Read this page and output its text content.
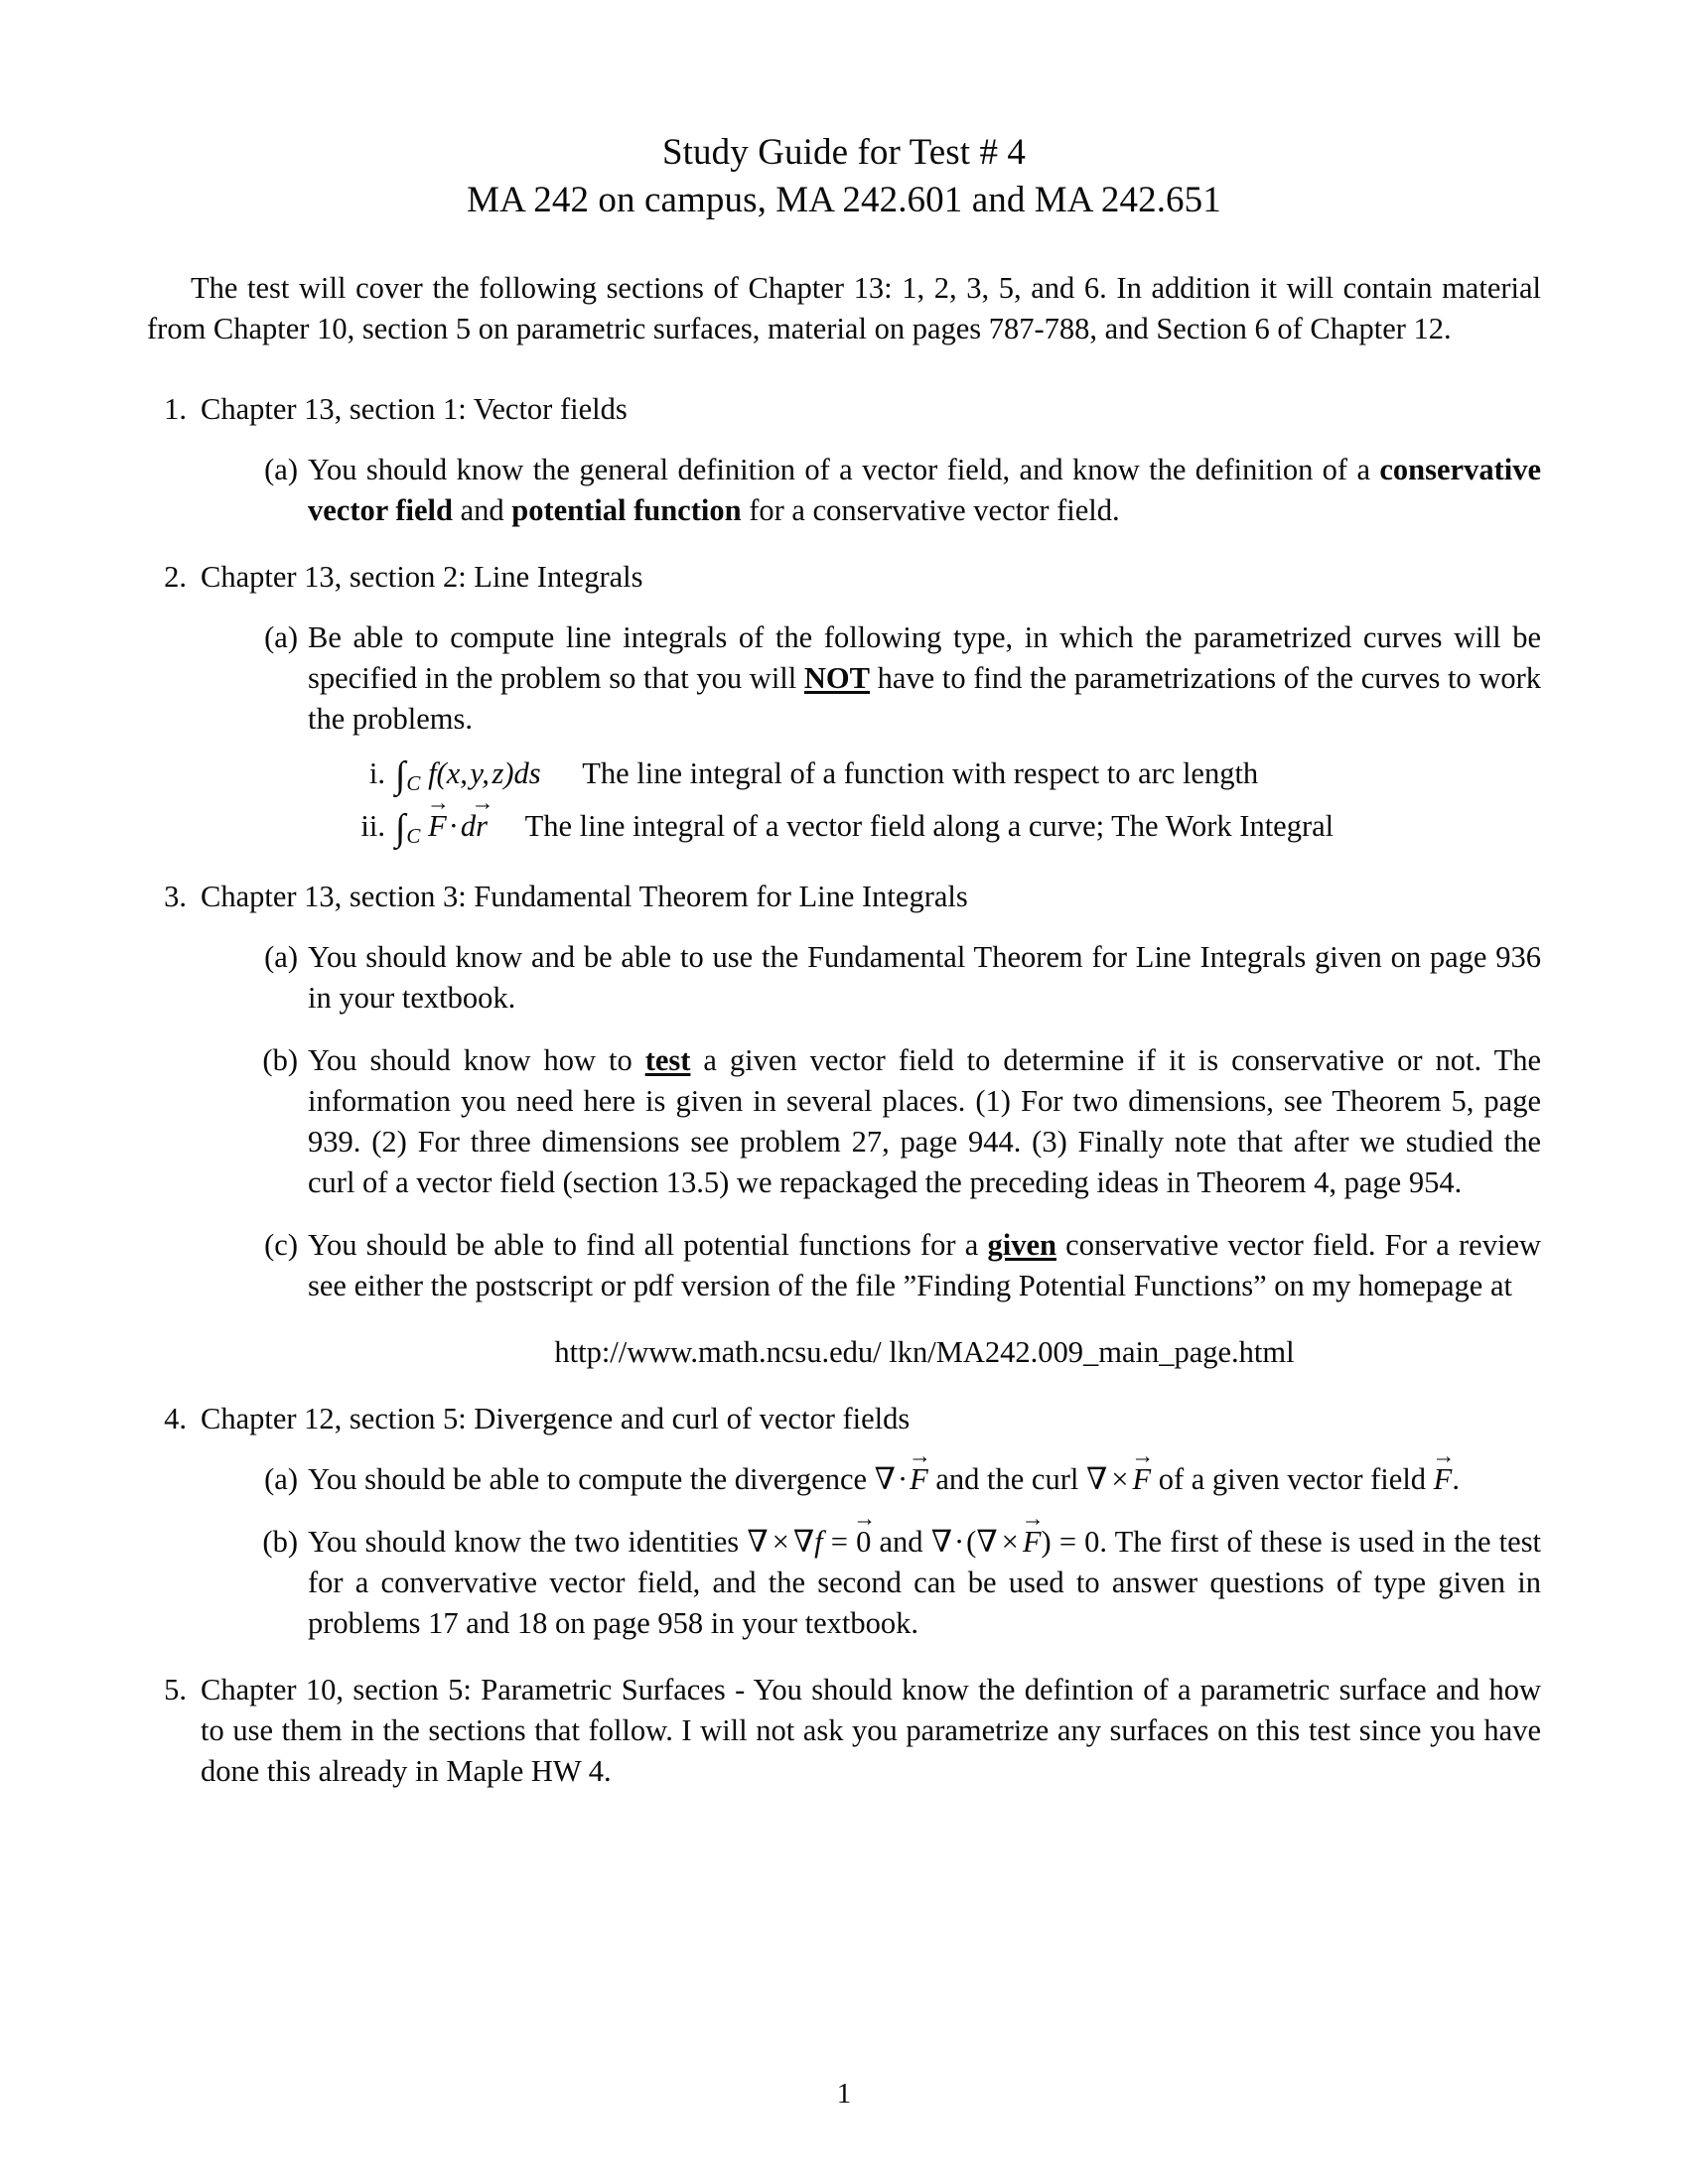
Study Guide for Test # 4
MA 242 on campus, MA 242.601 and MA 242.651

The test will cover the following sections of Chapter 13: 1, 2, 3, 5, and 6. In addition it will contain material from Chapter 10, section 5 on parametric surfaces, material on pages 787-788, and Section 6 of Chapter 12.

1. Chapter 13, section 1: Vector fields
(a) You should know the general definition of a vector field, and know the definition of a conservative vector field and potential function for a conservative vector field.
2. Chapter 13, section 2: Line Integrals
(a) Be able to compute line integrals of the following type, in which the parametrized curves will be specified in the problem so that you will NOT have to find the parametrizations of the curves to work the problems.
i. $\int_C$ f(x, y, z)ds The line integral of a function with respect to arc length
ii. $\int_C$
→
F·d
→
r The line integral of a vector field along a curve; The Work Integral
3. Chapter 13, section 3: Fundamental Theorem for Line Integrals
(a) You should know and be able to use the Fundamental Theorem for Line Integrals given on page 936 in your textbook.
(b) You should know how to test a given vector field to determine if it is conservative or not. The information you need here is given in several places. (1) For two dimensions, see Theorem 5, page 939. (2) For three dimensions see problem 27, page 944. (3) Finally note that after we studied the curl of a vector field (section 13.5) we repackaged the preceding ideas in Theorem 4, page 954.
(c) You should be able to find all potential functions for a given conservative vector field. For a review see either the postscript or pdf version of the file ”Finding Potential Functions” on my homepage at
http://www.math.ncsu.edu/ lkn/MA242.009_main_page.html
4. Chapter 12, section 5: Divergence and curl of vector fields
(a) You should be able to compute the divergence ∇·
→
F and the curl ∇ ×
→
F of a given vector field
→
F.
(b) You should know the two identities ∇ × ∇f =
→
0 and ∇·(∇ ×
→
F) = 0. The first of these is used in the test for a convervative vector field, and the second can be used to answer questions of type given in problems 17 and 18 on page 958 in your textbook.
5. Chapter 10, section 5: Parametric Surfaces - You should know the defintion of a parametric surface and how to use them in the sections that follow. I will not ask you parametrize any surfaces on this test since you have done this already in Maple HW 4.
1
